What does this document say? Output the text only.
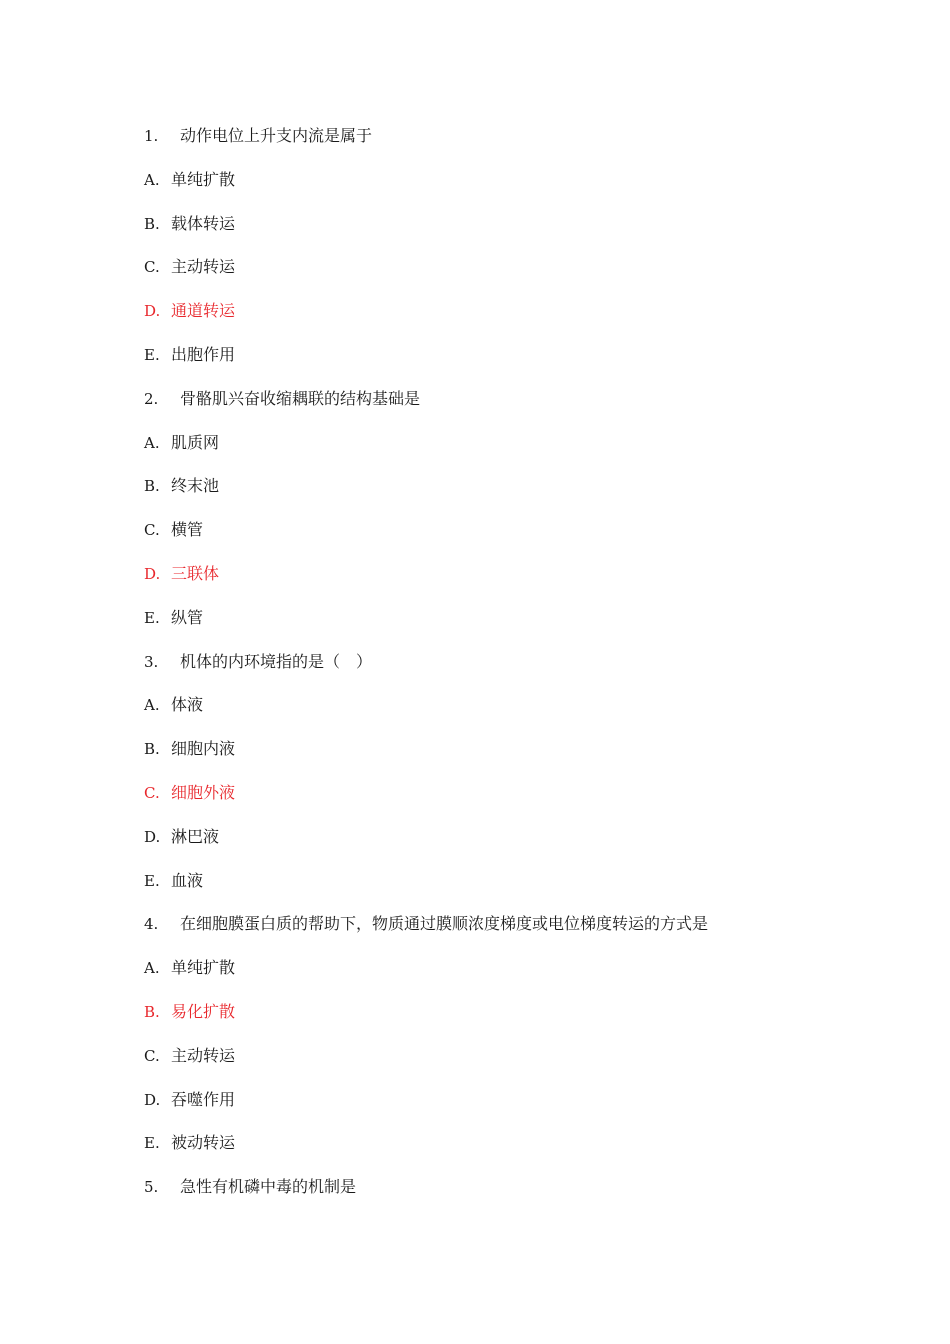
1.	动作电位上升支内流是属于
A. 单纯扩散
B. 载体转运
C. 主动转运
D. 通道转运
E. 出胞作用
2.	骨骼肌兴奋收缩耦联的结构基础是
A. 肌质网
B. 终末池
C. 横管
D. 三联体
E. 纵管
3.	机体的内环境指的是（　）
A. 体液
B. 细胞内液
C. 细胞外液
D. 淋巴液
E. 血液
4.	在细胞膜蛋白质的帮助下，物质通过膜顺浓度梯度或电位梯度转运的方式是
A. 单纯扩散
B. 易化扩散
C. 主动转运
D. 吞噬作用
E. 被动转运
5.	急性有机磷中毒的机制是
